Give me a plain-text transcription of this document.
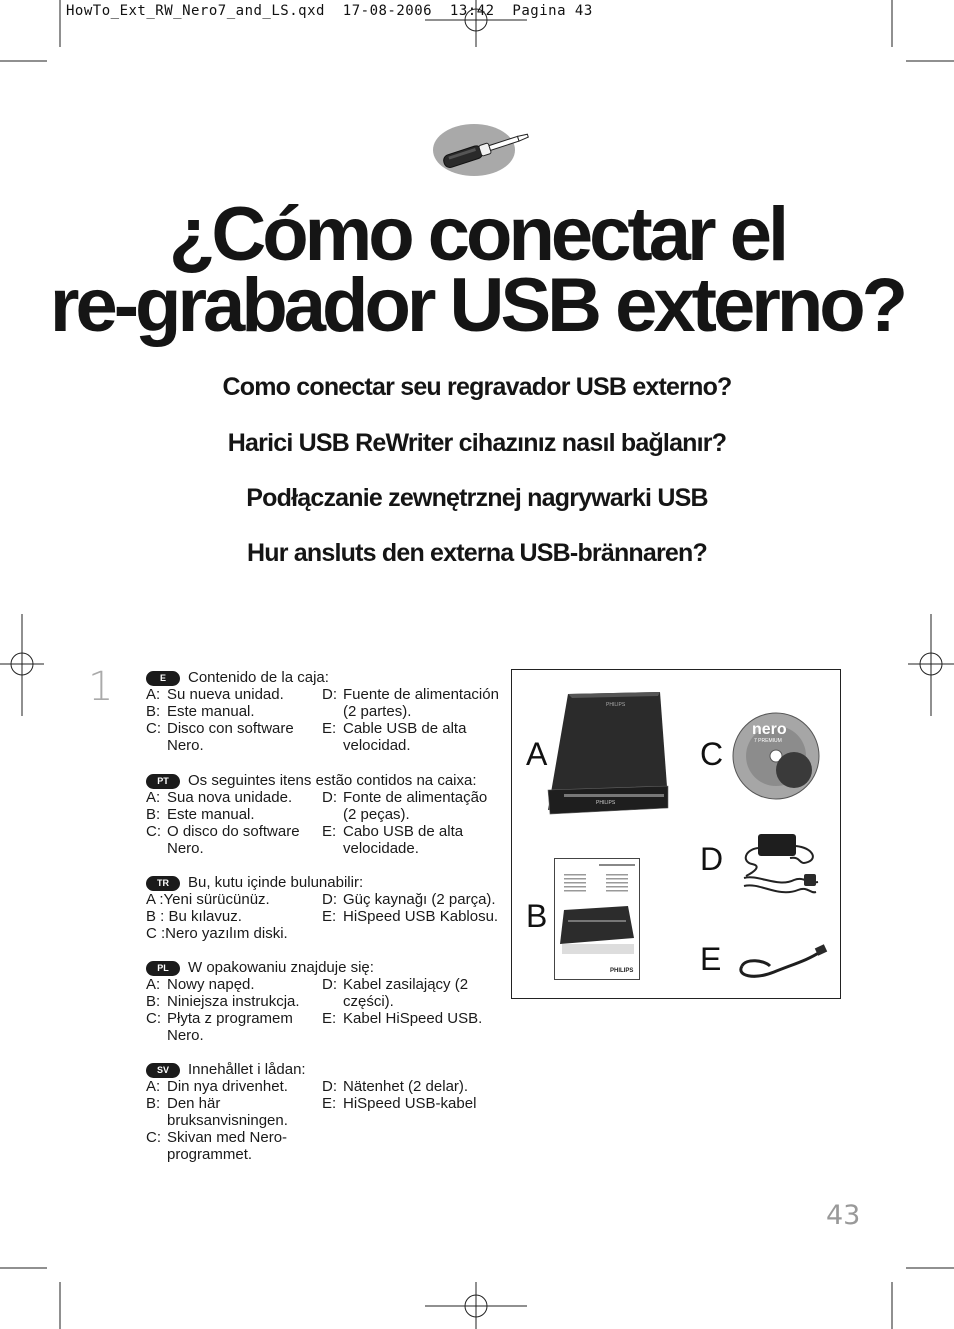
HowTo_Ext_RW_Nero7_and_LS.qxd  17-08-2006  13:42  Pagina 43
¿Cómo conectar el
re-grabador USB externo?
Como conectar seu regravador USB externo?
Harici USB ReWriter cihazınız nasıl bağlanır?
Podłączanie zewnętrznej nagrywarki USB
Hur ansluts den externa USB-brännaren?
1	E Contenido de la caja:
A: Su nueva unidad.
B: Este manual.
C: Disco con software Nero.
D: Fuente de alimentación (2 partes).
E: Cable USB de alta velocidad.
PT Os seguintes itens estão contidos na caixa:
A: Sua nova unidade.
B: Este manual.
C: O disco do software Nero.
D: Fonte de alimentação (2 peças).
E: Cabo USB de alta velocidade.
TR Bu, kutu içinde bulunabilir:
A :Yeni sürücünüz.
B : Bu kılavuz.
C :Nero yazılım diski.
D: Güç kaynağı (2 parça).
E: HiSpeed USB Kablosu.
PL W opakowaniu znajduje się:
A: Nowy napęd.
B: Niniejsza instrukcja.
C: Płyta z programem Nero.
D: Kabel zasilający (2 części).
E: Kabel HiSpeed USB.
SV Innehållet i lådan:
A: Din nya drivenhet.
B: Den här bruksanvisningen.
C: Skivan med Nero-programmet.
D: Nätenhet (2 delar).
E: HiSpeed USB-kabel
A
B
C
D
E
PHILIPS
PHILIPS
PHILIPS
nero
7 PREMIUM
43
